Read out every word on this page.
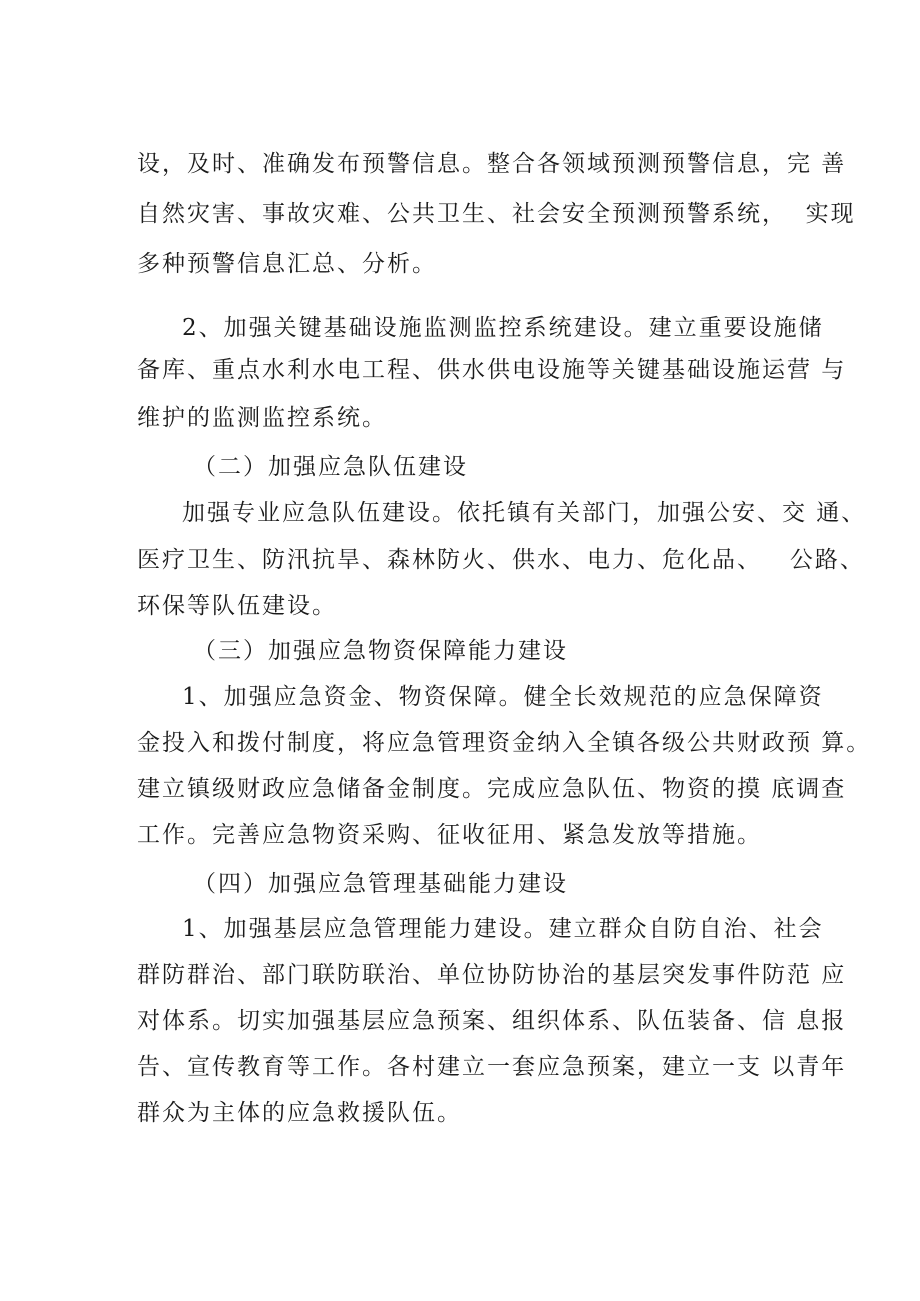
设，及时、准确发布预警信息。整合各领域预测预警信息，完 善
自然灾害、事故灾难、公共卫生、社会安全预测预警系统，  实现
多种预警信息汇总、分析。
2、加强关键基础设施监测监控系统建设。建立重要设施储
备库、重点水利水电工程、供水供电设施等关键基础设施运营 与
维护的监测监控系统。
（二）加强应急队伍建设
加强专业应急队伍建设。依托镇有关部门，加强公安、交 通、
医疗卫生、防汛抗旱、森林防火、供水、电力、危化品、   公路、
环保等队伍建设。
（三）加强应急物资保障能力建设
1、加强应急资金、物资保障。健全长效规范的应急保障资
金投入和拨付制度，将应急管理资金纳入全镇各级公共财政预 算。
建立镇级财政应急储备金制度。完成应急队伍、物资的摸 底调查
工作。完善应急物资采购、征收征用、紧急发放等措施。
（四）加强应急管理基础能力建设
1、加强基层应急管理能力建设。建立群众自防自治、社会
群防群治、部门联防联治、单位协防协治的基层突发事件防范 应
对体系。切实加强基层应急预案、组织体系、队伍装备、信 息报
告、宣传教育等工作。各村建立一套应急预案，建立一支 以青年
群众为主体的应急救援队伍。
